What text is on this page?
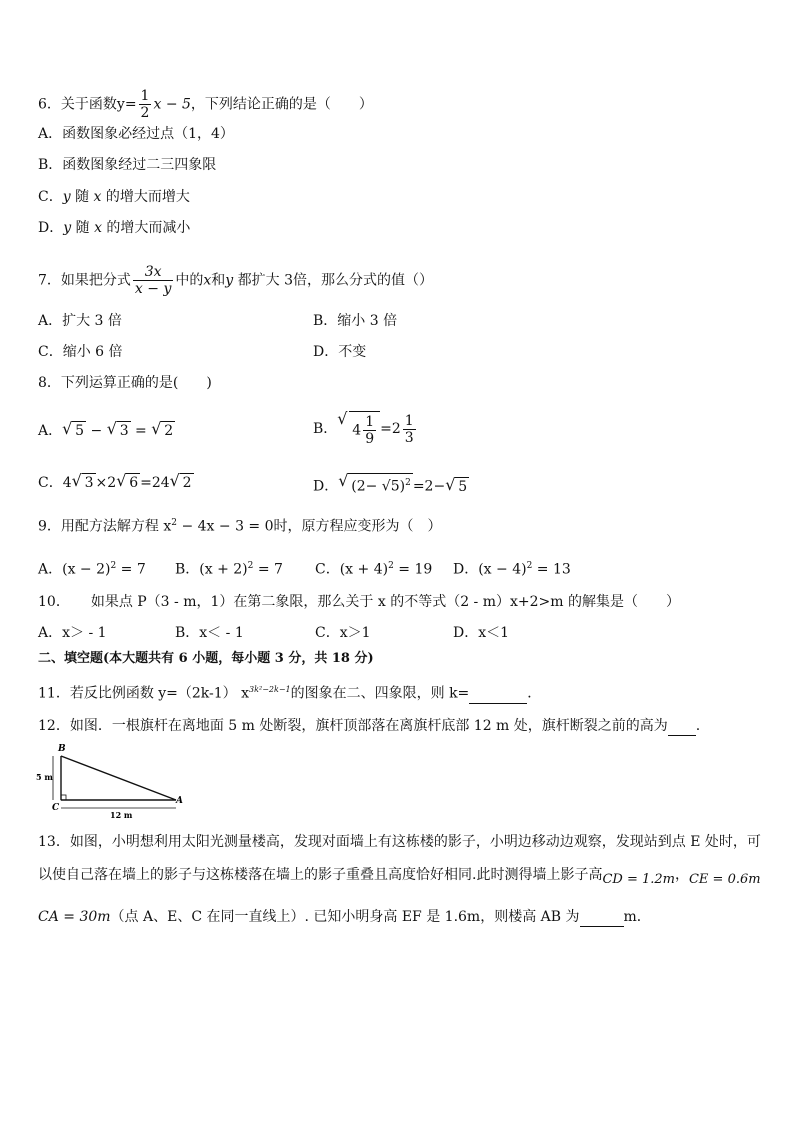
6．关于函数$y= \frac{1}{2}$ x − 5，下列结论正确的是（　　）
A．函数图象必经过点（1，4）
B．函数图象经过二三四象限
C．y 随 x 的增大而增大
D．y 随 x 的增大而减小
7．如果把分式 $\frac{3x}{x - y}$ 中的x和y 都扩大 3倍，那么分式的值（）
A．扩大 3 倍	B．缩小 3 倍
C．缩小 6 倍	D．不变
8．下列运算正确的是(　　)
A．√ 5 − √ 3 = √ 2	B．√ $4 \frac{1}{9} =2 \frac{1}{3}$
C．4√ 3 ×2√ 6 =24√ 2	D．√ $(2- √5)^2 =2-√$ 5
9．用配方法解方程 $x^2 - 4x - 3 = 0$时，原方程应变形为（　）
A．$(x - 2)^2 = 7$ B．$(x + 2)^2 = 7$ C．$(x + 4)^2 = 19$ D．$(x - 4)^2 = 13$
10．　　如果点 P（3 - m，1）在第二象限，那么关于 x 的不等式（2 - m）x+2>m 的解集是（　　）
A．x＞ - 1	B．x＜ - 1	C．x＞1	D．x＜1
二、填空题(本大题共有 6 小题，每小题 3 分，共 18 分)
11．若反比例函数 y=（2k-1） $x^{3k^2-2k-1}$的图象在二、四象限，则 k=	．
12．如图．一根旗杆在离地面 5 m 处断裂，旗杆顶部落在离旗杆底部 12 m 处，旗杆断裂之前的高为 .
B
C
A
5 m
12 m
13．如图，小明想利用太阳光测量楼高，发现对面墙上有这栋楼的影子，小明边移动边观察，发现站到点 E 处时，可
以使自己落在墙上的影子与这栋楼落在墙上的影子重叠且高度恰好相同.此时测得墙上影子高CD = 1.2m，CE = 0.6m
CA = 30m（点 A、E、C 在同一直线上）. 已知小明身高 EF 是 1.6m，则楼高 AB 为	m．
